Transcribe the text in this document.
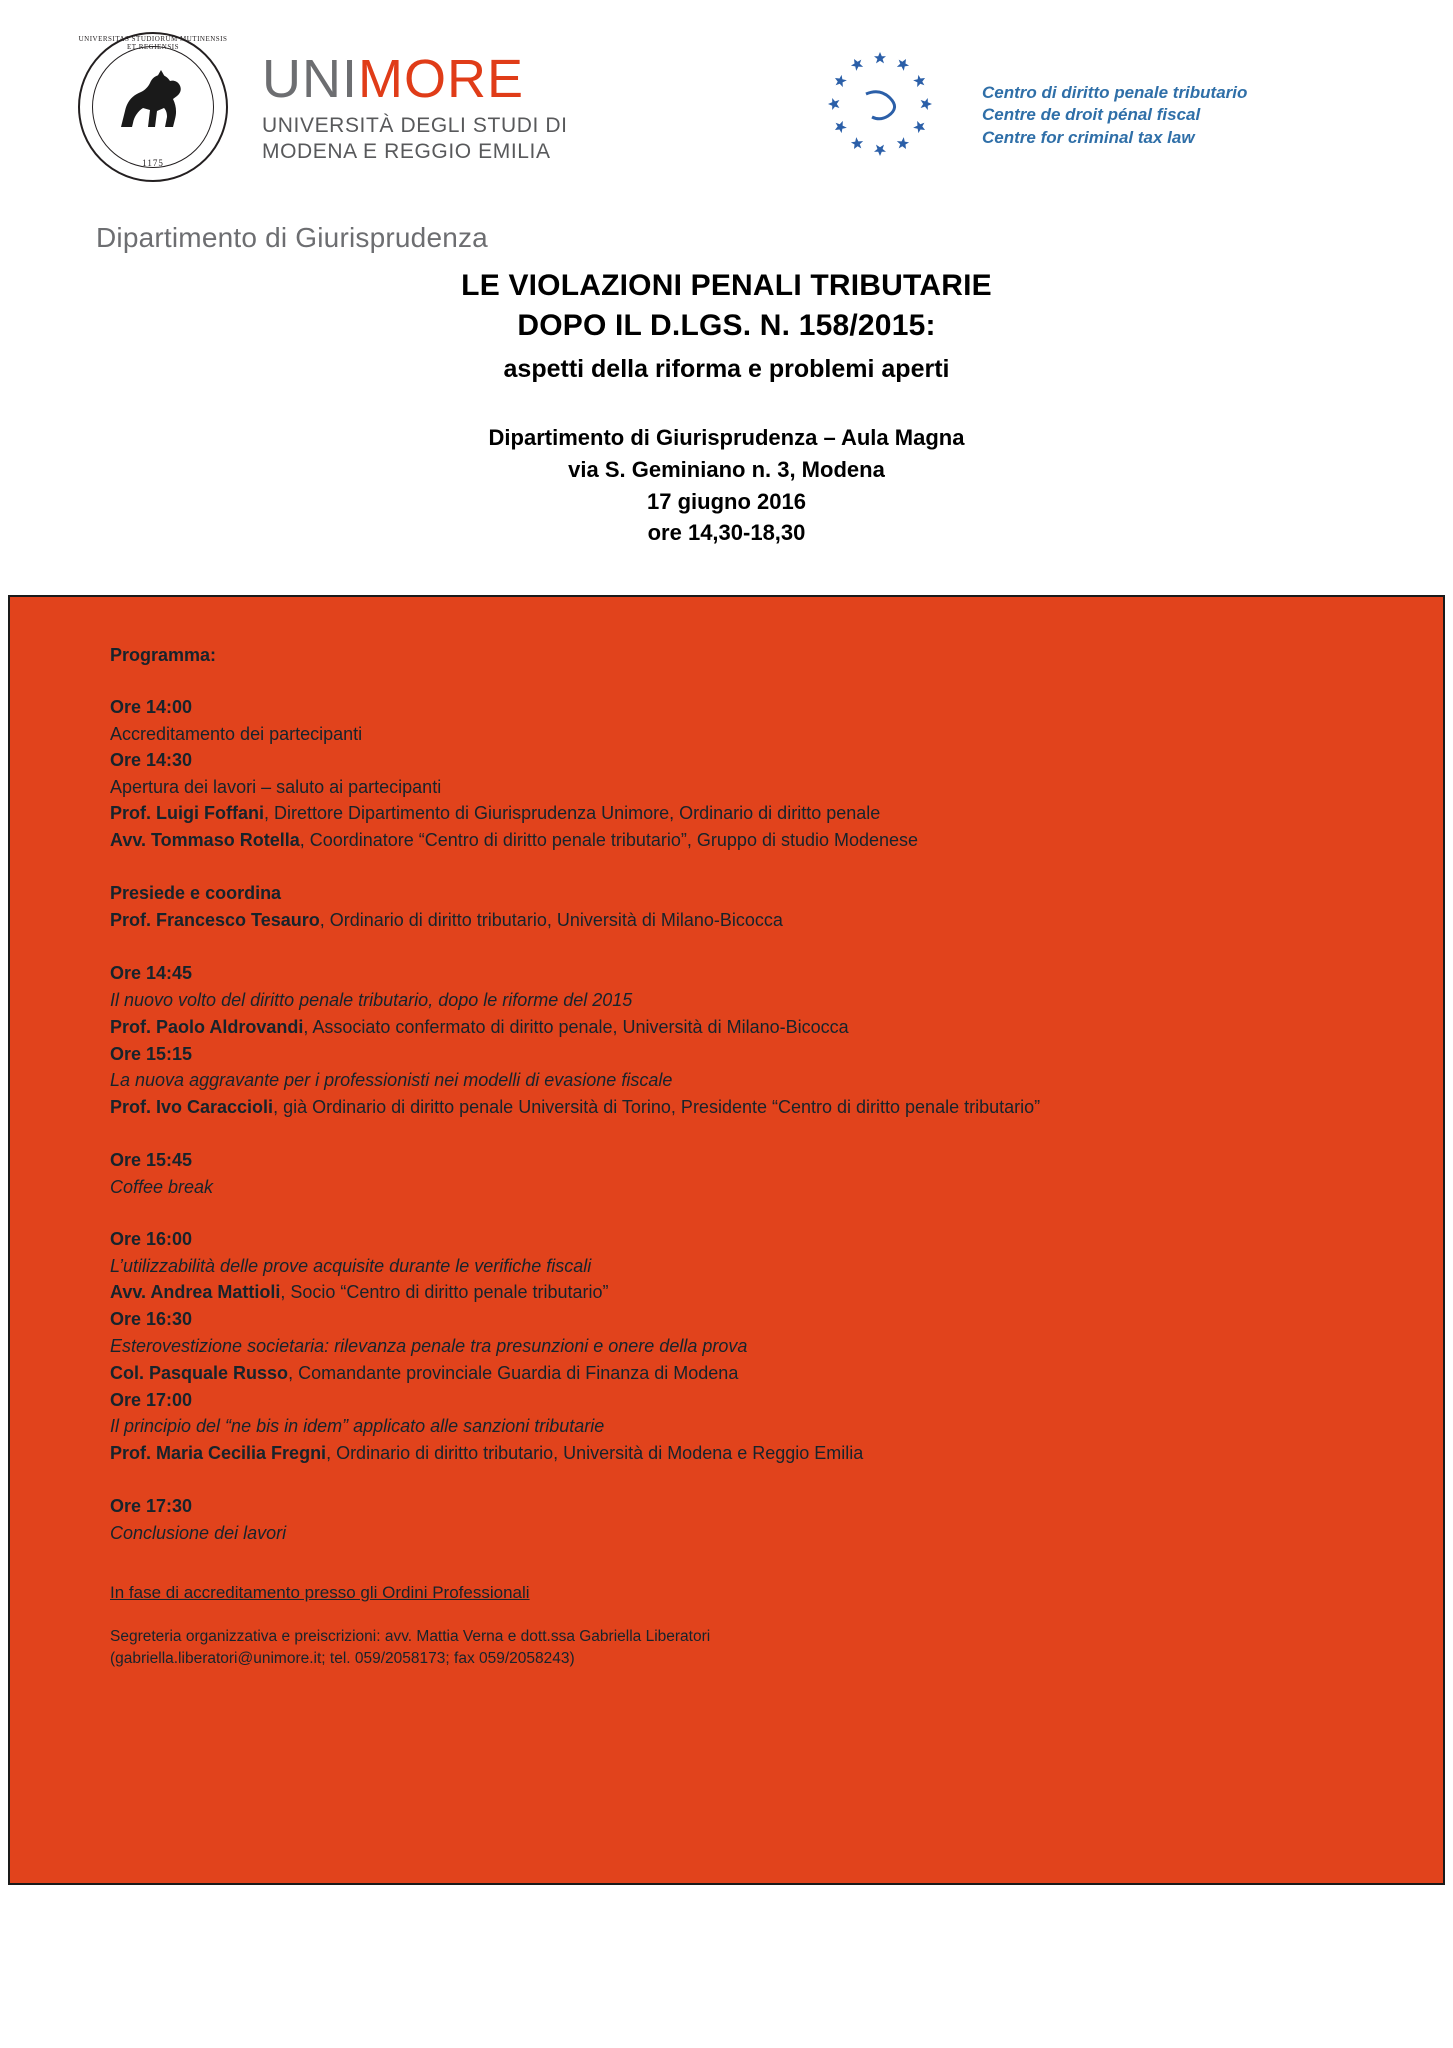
UNIVERSITAS STUDIORUM MUTINENSIS ET REGIENSIS
1175
UNIMORE
UNIVERSITÀ DEGLI STUDI DI
MODENA E REGGIO EMILIA
Dipartimento di Giurisprudenza
Centro di diritto penale tributario
Centre de droit pénal fiscal
Centre for criminal tax law
LE VIOLAZIONI PENALI TRIBUTARIE
DOPO IL D.LGS. N. 158/2015:
aspetti della riforma e problemi aperti
Dipartimento di Giurisprudenza – Aula Magna
via S. Geminiano n. 3, Modena
17 giugno 2016
ore 14,30-18,30
Programma:
Ore 14:00
Accreditamento dei partecipanti
Ore 14:30
Apertura dei lavori – saluto ai partecipanti
Prof. Luigi Foffani, Direttore Dipartimento di Giurisprudenza Unimore, Ordinario di diritto penale
Avv. Tommaso Rotella, Coordinatore “Centro di diritto penale tributario”, Gruppo di studio Modenese
Presiede e coordina
Prof. Francesco Tesauro, Ordinario di diritto tributario, Università di Milano-Bicocca
Ore 14:45
Il nuovo volto del diritto penale tributario, dopo le riforme del 2015
Prof. Paolo Aldrovandi, Associato confermato di diritto penale, Università di Milano-Bicocca
Ore 15:15
La nuova aggravante per i professionisti nei modelli di evasione fiscale
Prof. Ivo Caraccioli, già Ordinario di diritto penale Università di Torino, Presidente “Centro di diritto penale tributario”
Ore 15:45
Coffee break
Ore 16:00
L’utilizzabilità delle prove acquisite durante le verifiche fiscali
Avv. Andrea Mattioli, Socio “Centro di diritto penale tributario”
Ore 16:30
Esterovestizione societaria: rilevanza penale tra presunzioni e onere della prova
Col. Pasquale Russo, Comandante provinciale Guardia di Finanza di Modena
Ore 17:00
Il principio del “ne bis in idem” applicato alle sanzioni tributarie
Prof. Maria Cecilia Fregni, Ordinario di diritto tributario, Università di Modena e Reggio Emilia
Ore 17:30
Conclusione dei lavori
In fase di accreditamento presso gli Ordini Professionali
Segreteria organizzativa e preiscrizioni: avv. Mattia Verna e dott.ssa Gabriella Liberatori
(gabriella.liberatori@unimore.it; tel. 059/2058173; fax 059/2058243)
